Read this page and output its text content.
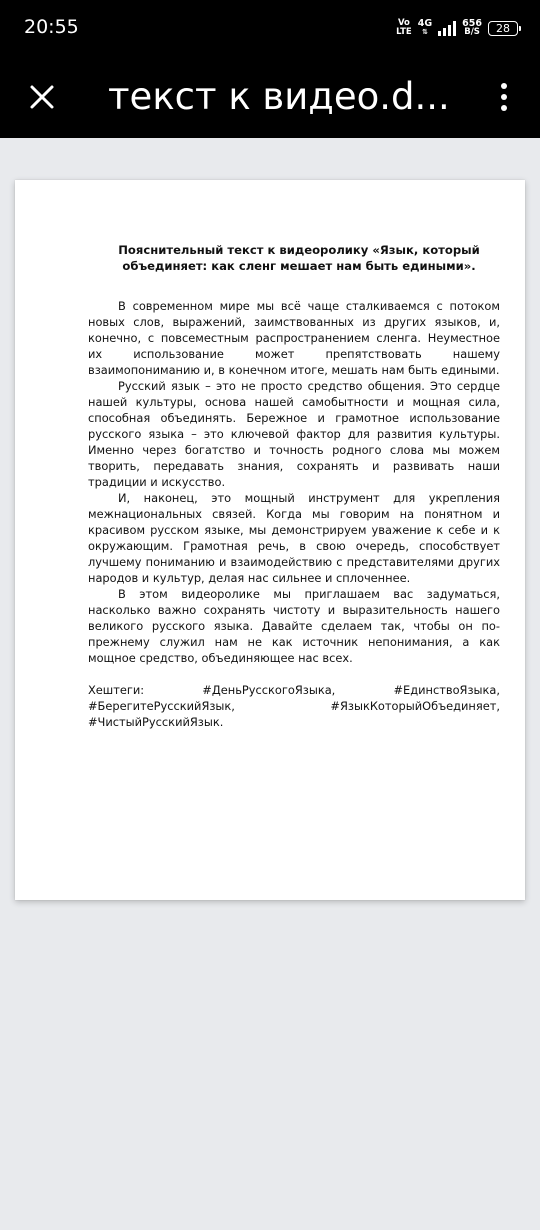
20:55	Vo
LTE
4G
⇅
656
B/S 28
текст к видео.d...

Пояснительный текст к видеоролику «Язык, который объединяет: как сленг мешает нам быть едиными».

В современном мире мы всё чаще сталкиваемся с потоком новых слов, выражений, заимствованных из других языков, и, конечно, с повсеместным распространением сленга. Неуместное их использование может препятствовать нашему взаимопониманию и, в конечном итоге, мешать нам быть едиными.

Русский язык – это не просто средство общения. Это сердце нашей культуры, основа нашей самобытности и мощная сила, способная объединять. Бережное и грамотное использование русского языка – это ключевой фактор для развития культуры. Именно через богатство и точность родного слова мы можем творить, передавать знания, сохранять и развивать наши традиции и искусство.

И, наконец, это мощный инструмент для укрепления межнациональных связей. Когда мы говорим на понятном и красивом русском языке, мы демонстрируем уважение к себе и к окружающим. Грамотная речь, в свою очередь, способствует лучшему пониманию и взаимодействию с представителями других народов и культур, делая нас сильнее и сплоченнее.

В этом видеоролике мы приглашаем вас задуматься, насколько важно сохранять чистоту и выразительность нашего великого русского языка. Давайте сделаем так, чтобы он по-прежнему служил нам не как источник непонимания, а как мощное средство, объединяющее нас всех.

Хештеги: #ДеньРусскогоЯзыка, #ЕдинствоЯзыка, #БерегитеРусскийЯзык, #ЯзыкКоторыйОбъединяет, #ЧистыйРусскийЯзык.
